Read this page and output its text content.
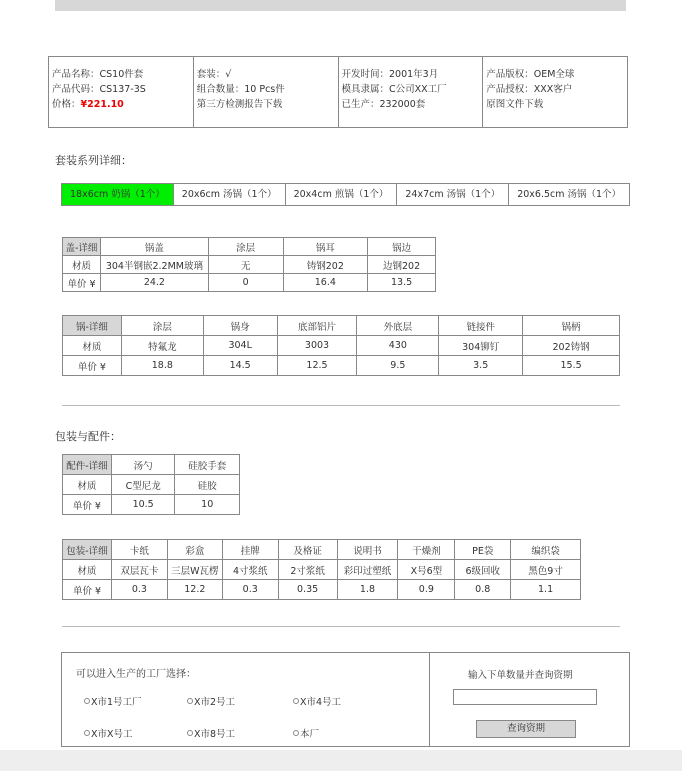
产品名称：CS10件套
产品代码：CS137-3S
价格：¥221.10
套装：√
组合数量：10 Pcs件
第三方检测报告下载
开发时间：2001年3月
模具隶属：C公司XX工厂
已生产：232000套
产品版权：OEM全球
产品授权：XXX客户
原图文件下载
套装系列详细：
18x6cm 奶锅（1个）	20x6cm 汤锅（1个）	20x4cm 煎锅（1个）	24x7cm 汤锅（1个）	20x6.5cm 汤锅（1个）
盖-详细	锅盖	涂层	锅耳	锅边
材质	304半钢嵌2.2MM玻璃	无	铸钢202	边钢202
单价 ¥	24.2	0	16.4	13.5
锅-详细	涂层	锅身	底部铝片	外底层	链接件	锅柄
材质	特氟龙	304L	3003	430	304铆钉	202铸钢
单价 ¥	18.8	14.5	12.5	9.5	3.5	15.5
包装与配件：
配件-详细	汤勺	硅胶手套
材质	C型尼龙	硅胶
单价 ¥	10.5	10
包装-详细	卡纸	彩盒	挂牌	及格证	说明书	干燥剂	PE袋	编织袋
材质	双层瓦卡	三层W瓦楞	4寸浆纸	2寸浆纸	彩印过塑纸	X号6型	6级回收	黑色9寸
单价 ¥	0.3	12.2	0.3	0.35	1.8	0.9	0.8	1.1
可以进入生产的工厂选择：
X市1号工厂	X市2号工	X市4号工
X市X号工	X市8号工	本厂
输入下单数量并查询资期
查询资期
